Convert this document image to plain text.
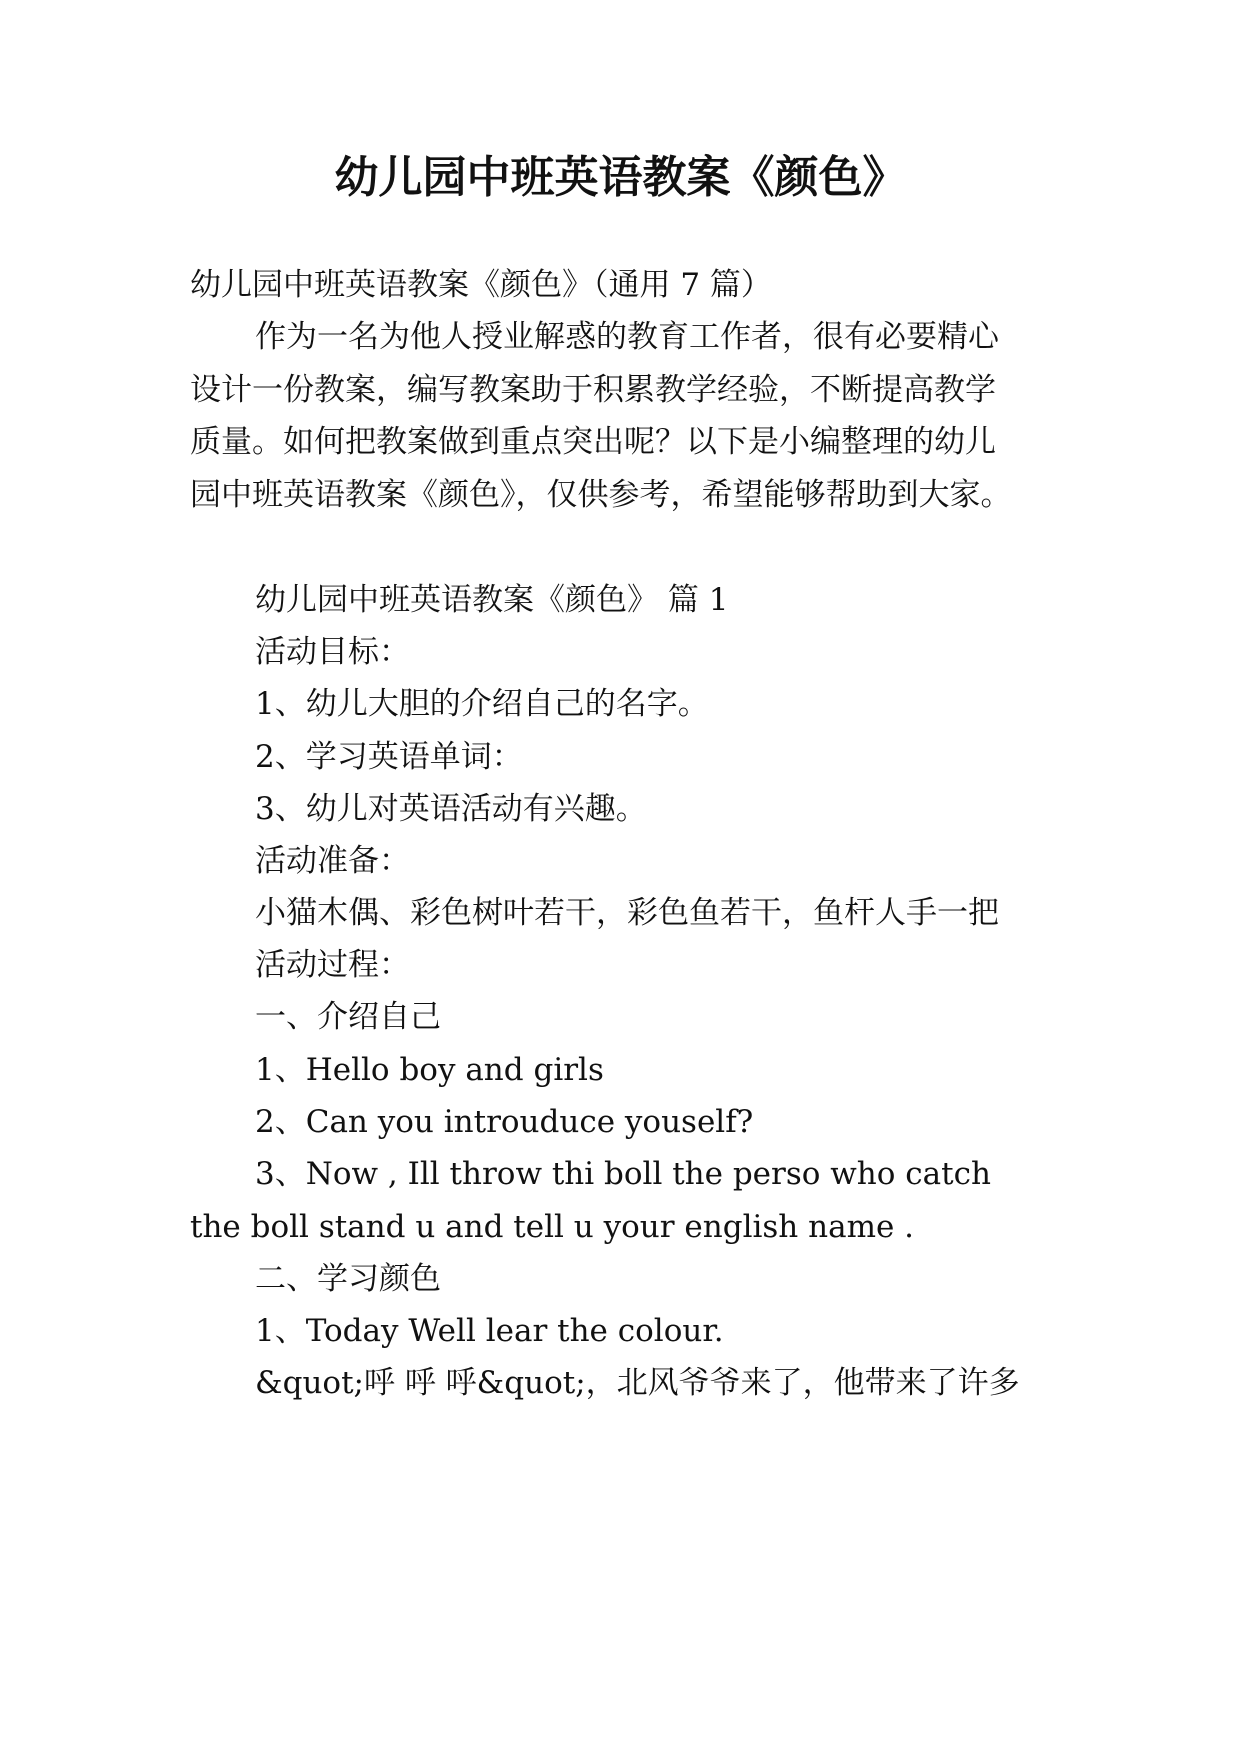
幼儿园中班英语教案《颜色》
幼儿园中班英语教案《颜色》（通用 7 篇）
作为一名为他人授业解惑的教育工作者，很有必要精心
设计一份教案，编写教案助于积累教学经验，不断提高教学
质量。如何把教案做到重点突出呢？以下是小编整理的幼儿
园中班英语教案《颜色》，仅供参考，希望能够帮助到大家。
幼儿园中班英语教案《颜色》 篇 1
活动目标：
1、幼儿大胆的介绍自己的名字。
2、学习英语单词：
3、幼儿对英语活动有兴趣。
活动准备：
小猫木偶、彩色树叶若干，彩色鱼若干，鱼杆人手一把
活动过程：
一、介绍自己
1、Hello boy and girls
2、Can you introuduce youself?
3、Now , Ill throw thi boll the perso who catch
the boll stand u and tell u your english name .
二、学习颜色
1、Today Well lear the colour.
&quot;呼 呼 呼&quot;，北风爷爷来了，他带来了许多
